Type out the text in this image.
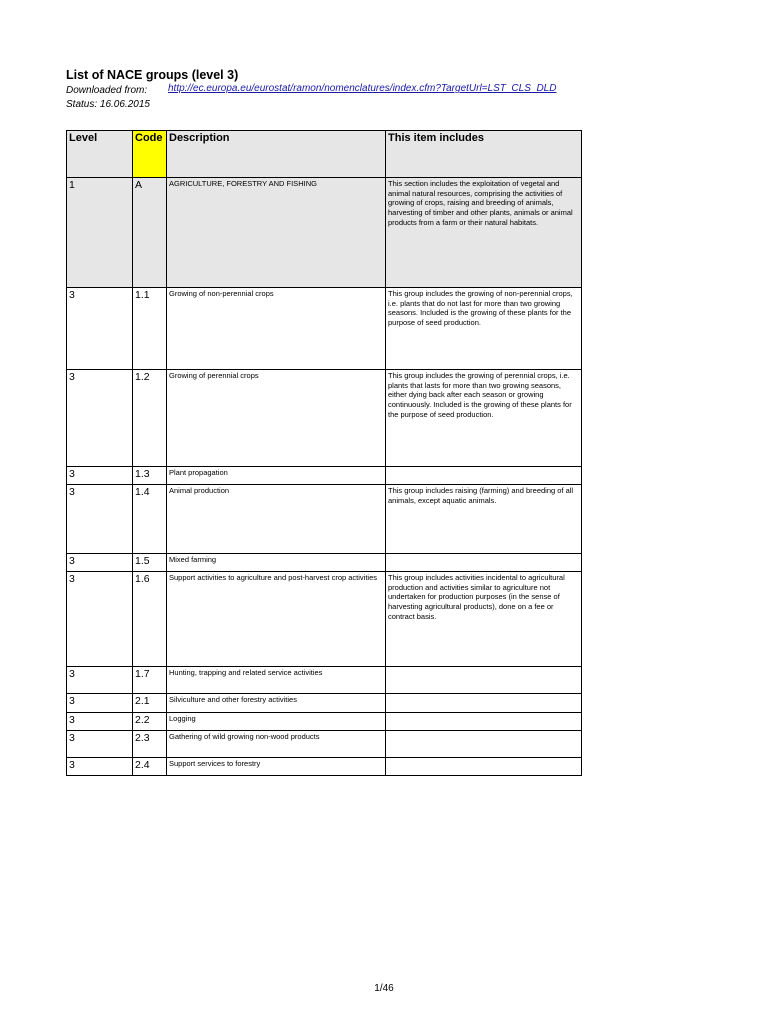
List of NACE groups (level 3)
Downloaded from: http://ec.europa.eu/eurostat/ramon/nomenclatures/index.cfm?TargetUrl=LST_CLS_DLD
Status: 16.06.2015
Level	Code	Description	This item includes
1	A	AGRICULTURE, FORESTRY AND FISHING	This section includes the exploitation of vegetal and animal natural resources, comprising the activities of growing of crops, raising and breeding of animals, harvesting of timber and other plants, animals or animal products from a farm or their natural habitats.
3	1.1	Growing of non-perennial crops	This group includes the growing of non-perennial crops, i.e. plants that do not last for more than two growing seasons. Included is the growing of these plants for the purpose of seed production.
3	1.2	Growing of perennial crops	This group includes the growing of perennial crops, i.e. plants that lasts for more than two growing seasons, either dying back after each season or growing continuously. Included is the growing of these plants for the purpose of seed production.
3	1.3	Plant propagation	
3	1.4	Animal production	This group includes raising (farming) and breeding of all animals, except aquatic animals.
3	1.5	Mixed farming	
3	1.6	Support activities to agriculture and post-harvest crop activities	This group includes activities incidental to agricultural production and activities similar to agriculture not undertaken for production purposes (in the sense of harvesting agricultural products), done on a fee or contract basis.
3	1.7	Hunting, trapping and related service activities	
3	2.1	Silviculture and other forestry activities	
3	2.2	Logging	
3	2.3	Gathering of wild growing non-wood products	
3	2.4	Support services to forestry	
1/46
